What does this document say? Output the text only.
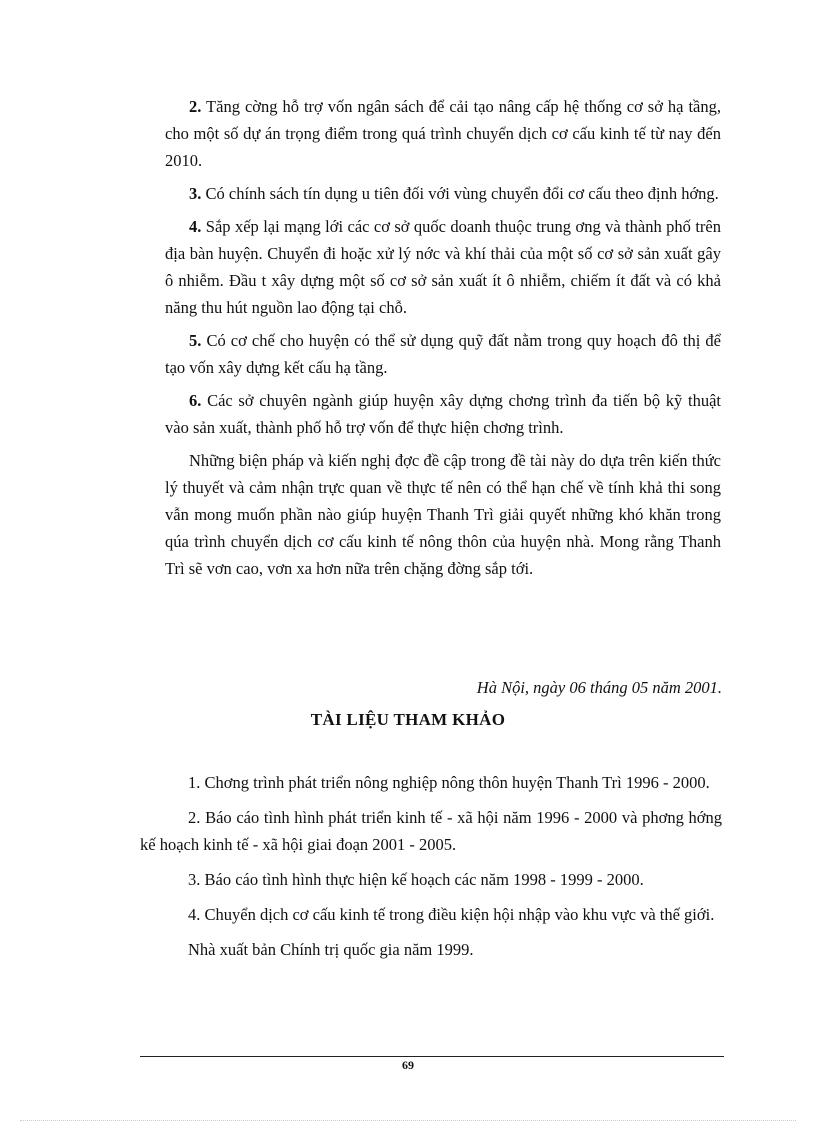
2. Tăng cờng hỗ trợ vốn ngân sách để cải tạo nâng cấp hệ thống cơ sở hạ tầng, cho một số dự án trọng điểm trong quá trình chuyển dịch cơ cấu kinh tế từ nay đến 2010.

3. Có chính sách tín dụng u tiên đối với vùng chuyển đổi cơ cấu theo định hớng.

4. Sắp xếp lại mạng lới các cơ sở quốc doanh thuộc trung ơng và thành phố trên địa bàn huyện. Chuyển đi hoặc xử lý nớc và khí thải của một số cơ sở sản xuất gây ô nhiễm. Đầu t xây dựng một số cơ sở sản xuất ít ô nhiễm, chiếm ít đất và có khả năng thu hút nguồn lao động tại chỗ.

5. Có cơ chế cho huyện có thể sử dụng quỹ đất nằm trong quy hoạch đô thị để tạo vốn xây dựng kết cấu hạ tầng.

6. Các sở chuyên ngành giúp huyện xây dựng chơng trình đa tiến bộ kỹ thuật vào sản xuất, thành phố hỗ trợ vốn để thực hiện chơng trình.

Những biện pháp và kiến nghị đợc đề cập trong đề tài này do dựa trên kiến thức lý thuyết và cảm nhận trực quan về thực tế nên có thể hạn chế về tính khả thi song vẫn mong muốn phần nào giúp huyện Thanh Trì giải quyết những khó khăn trong qúa trình chuyển dịch cơ cấu kinh tế nông thôn của huyện nhà. Mong rằng Thanh Trì sẽ vơn cao, vơn xa hơn nữa trên chặng đờng sắp tới.

Hà Nội, ngày 06 tháng 05 năm 2001.
TÀI LIỆU THAM KHẢO

1. Chơng trình phát triển nông nghiệp nông thôn huyện Thanh Trì 1996 - 2000.

2. Báo cáo tình hình phát triển kinh tế - xã hội năm 1996 - 2000 và phơng hớng kế hoạch kinh tế - xã hội giai đoạn 2001 - 2005.

3. Báo cáo tình hình thực hiện kế hoạch các năm 1998 - 1999 - 2000.

4. Chuyển dịch cơ cấu kinh tế trong điều kiện hội nhập vào khu vực và thế giới.

Nhà xuất bản Chính trị quốc gia năm 1999.

69
